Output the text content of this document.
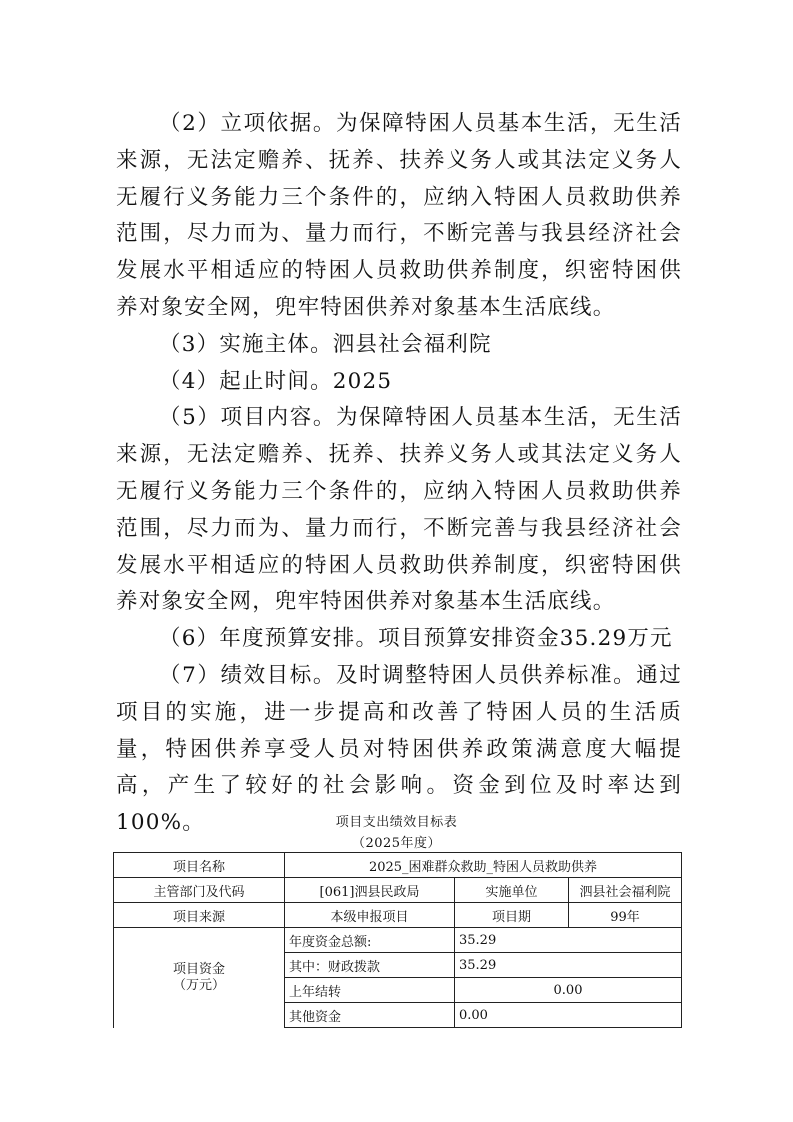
（2）立项依据。为保障特困人员基本生活，无生活来源，无法定赡养、抚养、扶养义务人或其法定义务人无履行义务能力三个条件的，应纳入特困人员救助供养范围，尽力而为、量力而行，不断完善与我县经济社会发展水平相适应的特困人员救助供养制度，织密特困供养对象安全网，兜牢特困供养对象基本生活底线。

（3）实施主体。泗县社会福利院

（4）起止时间。2025

（5）项目内容。为保障特困人员基本生活，无生活来源，无法定赡养、抚养、扶养义务人或其法定义务人无履行义务能力三个条件的，应纳入特困人员救助供养范围，尽力而为、量力而行，不断完善与我县经济社会发展水平相适应的特困人员救助供养制度，织密特困供养对象安全网，兜牢特困供养对象基本生活底线。

（6）年度预算安排。项目预算安排资金35.29万元

（7）绩效目标。及时调整特困人员供养标准。通过项目的实施，进一步提高和改善了特困人员的生活质量，特困供养享受人员对特困供养政策满意度大幅提高，产生了较好的社会影响。资金到位及时率达到100%。	项目支出绩效目标表
（2025年度）
项目名称	2025_困难群众救助_特困人员救助供养		
主管部门及代码	[061]泗县民政局	实施单位	泗县社会福利院
项目来源	本级申报项目	项目期	99年

项目资金
（万元）	年度资金总额:	35.29	
	其中：财政拨款	35.29	
	上年结转	0.00	
	其他资金	0.00	
